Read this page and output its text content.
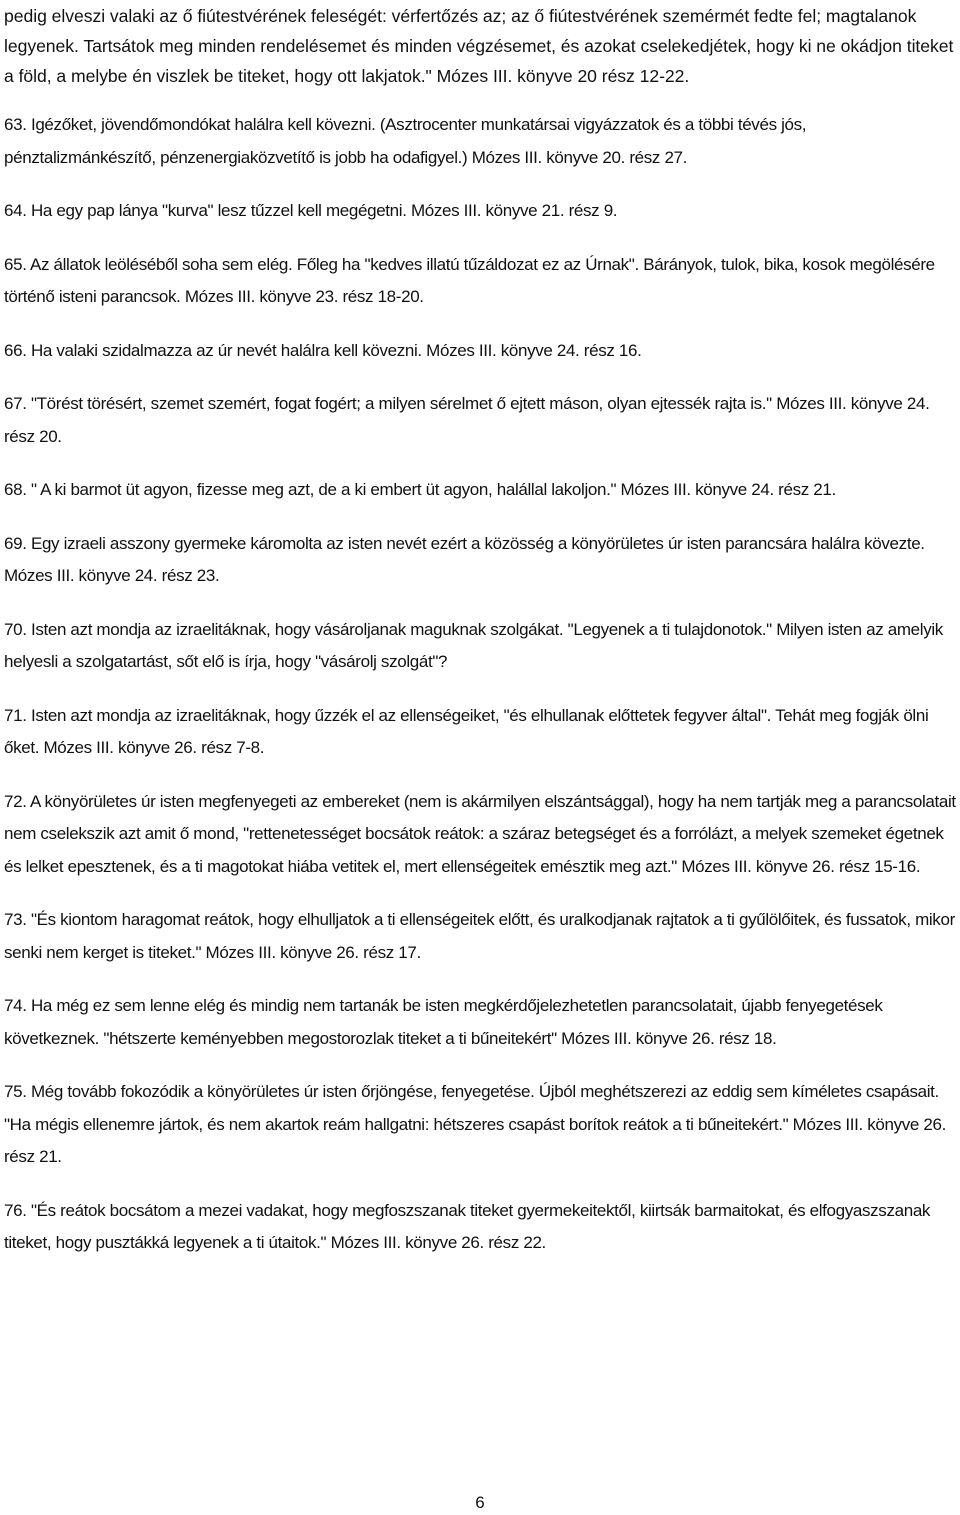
pedig elveszi valaki az ő fiútestvérének feleségét: vérfertőzés az; az ő fiútestvérének szemérmét fedte fel; magtalanok legyenek. Tartsátok meg minden rendelésemet és minden végzésemet, és azokat cselekedjétek, hogy ki ne okádjon titeket a föld, a melybe én viszlek be titeket, hogy ott lakjatok." Mózes III. könyve 20 rész 12-22.

63. Igézőket, jövendőmondókat halálra kell kövezni. (Asztrocenter munkatársai vigyázzatok és a többi tévés jós, pénztalizmánkészítő, pénzenergiaközvetítő is jobb ha odafigyel.) Mózes III. könyve 20. rész 27.

64. Ha egy pap lánya "kurva" lesz tűzzel kell megégetni. Mózes III. könyve 21. rész 9.

65. Az állatok leöléséből soha sem elég. Főleg ha "kedves illatú tűzáldozat ez az Úrnak". Bárányok, tulok, bika, kosok megölésére történő isteni parancsok. Mózes III. könyve 23. rész 18-20.

66. Ha valaki szidalmazza az úr nevét halálra kell kövezni. Mózes III. könyve 24. rész 16.

67. "Törést törésért, szemet szemért, fogat fogért; a milyen sérelmet ő ejtett máson, olyan ejtessék rajta is." Mózes III. könyve 24. rész 20.

68. " A ki barmot üt agyon, fizesse meg azt, de a ki embert üt agyon, halállal lakoljon." Mózes III. könyve 24. rész 21.

69. Egy izraeli asszony gyermeke káromolta az isten nevét ezért a közösség a könyörületes úr isten parancsára halálra kövezte. Mózes III. könyve 24. rész 23.

70. Isten azt mondja az izraelitáknak, hogy vásároljanak maguknak szolgákat. "Legyenek a ti tulajdonotok." Milyen isten az amelyik helyesli a szolgatartást, sőt elő is írja, hogy "vásárolj szolgát"?

71. Isten azt mondja az izraelitáknak, hogy űzzék el az ellenségeiket, "és elhullanak előttetek fegyver által". Tehát meg fogják ölni őket. Mózes III. könyve 26. rész 7-8.

72. A könyörületes úr isten megfenyegeti az embereket (nem is akármilyen elszántsággal), hogy ha nem tartják meg a parancsolatait nem cselekszik azt amit ő mond, "rettenetességet bocsátok reátok: a száraz betegséget és a forrólázt, a melyek szemeket égetnek és lelket epesztenek, és a ti magotokat hiába vetitek el, mert ellenségeitek emésztik meg azt." Mózes III. könyve 26. rész 15-16.

73. "És kiontom haragomat reátok, hogy elhulljatok a ti ellenségeitek előtt, és uralkodjanak rajtatok a ti gyűlölőitek, és fussatok, mikor senki nem kerget is titeket." Mózes III. könyve 26. rész 17.

74. Ha még ez sem lenne elég és mindig nem tartanák be isten megkérdőjelezhetetlen parancsolatait, újabb fenyegetések következnek. "hétszerte keményebben megostorozlak titeket a ti bűneitekért" Mózes III. könyve 26. rész 18.

75. Még tovább fokozódik a könyörületes úr isten őrjöngése, fenyegetése. Újból meghétszerezi az eddig sem kíméletes csapásait. "Ha mégis ellenemre jártok, és nem akartok reám hallgatni: hétszeres csapást borítok reátok a ti bűneitekért." Mózes III. könyve 26. rész 21.

76. "És reátok bocsátom a mezei vadakat, hogy megfoszszanak titeket gyermekeitektől, kiirtsák barmaitokat, és elfogyaszszanak titeket, hogy pusztákká legyenek a ti útaitok." Mózes III. könyve 26. rész 22.

6
